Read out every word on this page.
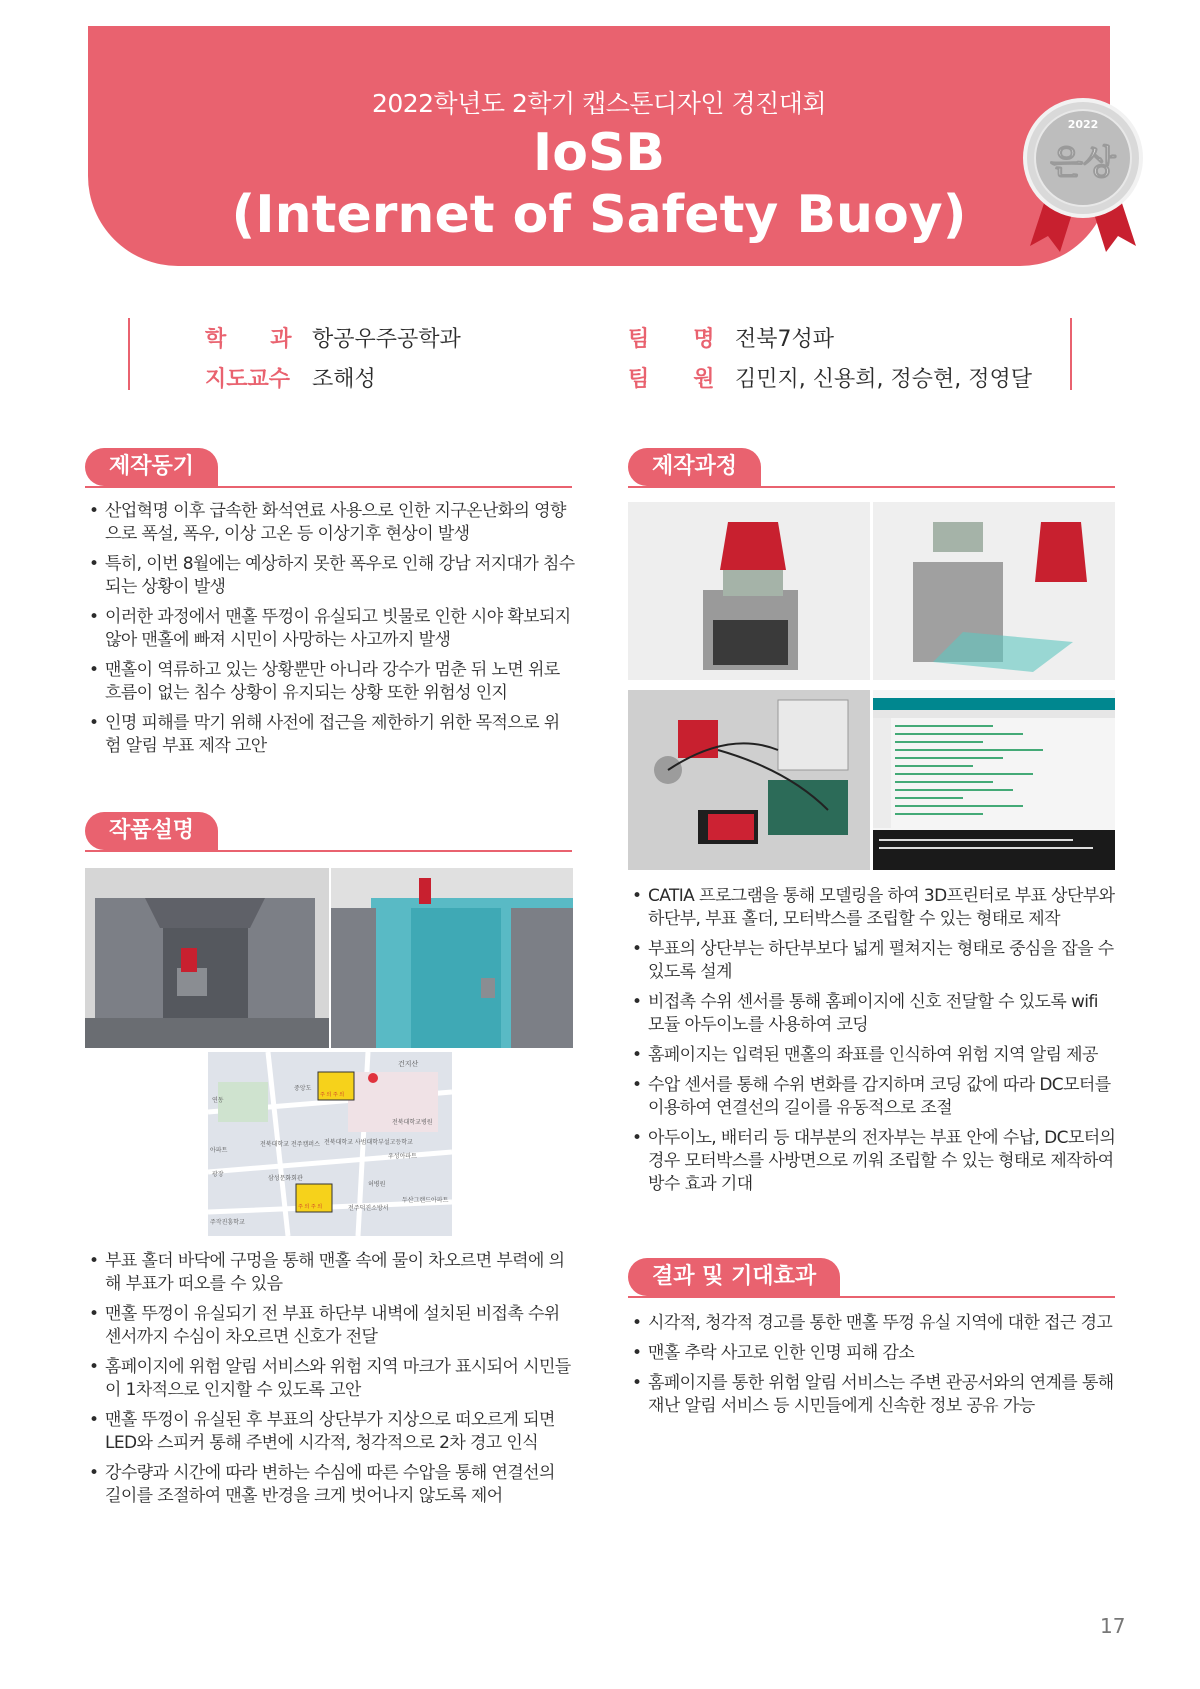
2022학년도 2학기 캡스톤디자인 경진대회
IoSB
(Internet of Safety Buoy)
2022
은상
학　　과 항공우주공학과
지도교수 조해성
팀　　명 전북7성파
팀　　원 김민지, 신용희, 정승현, 정영달
제작동기
• 산업혁명 이후 급속한 화석연료 사용으로 인한 지구온난화의 영향으로 폭설, 폭우, 이상 고온 등 이상기후 현상이 발생
• 특히, 이번 8월에는 예상하지 못한 폭우로 인해 강남 저지대가 침수되는 상황이 발생
• 이러한 과정에서 맨홀 뚜껑이 유실되고 빗물로 인한 시야 확보되지 않아 맨홀에 빠져 시민이 사망하는 사고까지 발생
• 맨홀이 역류하고 있는 상황뿐만 아니라 강수가 멈춘 뒤 노면 위로 흐름이 없는 침수 상황이 유지되는 상황 또한 위험성 인지
• 인명 피해를 막기 위해 사전에 접근을 제한하기 위한 목적으로 위험 알림 부표 제작 고안
작품설명
건지산
중앙도
전북대학교병원
전북대학교 전주캠퍼스 전북대학교 사범대학부설고등학교
우성아파트
삼성문화회관
허병원
두산그랜드아파트
전주덕진소방서
주작진흥학교
연동
아파트
광장
주 의 주 의
주 의 주 의
• 부표 홀더 바닥에 구멍을 통해 맨홀 속에 물이 차오르면 부력에 의해 부표가 떠오를 수 있음
• 맨홀 뚜껑이 유실되기 전 부표 하단부 내벽에 설치된 비접촉 수위센서까지 수심이 차오르면 신호가 전달
• 홈페이지에 위험 알림 서비스와 위험 지역 마크가 표시되어 시민들이 1차적으로 인지할 수 있도록 고안
• 맨홀 뚜껑이 유실된 후 부표의 상단부가 지상으로 떠오르게 되면 LED와 스피커 통해 주변에 시각적, 청각적으로 2차 경고 인식
• 강수량과 시간에 따라 변하는 수심에 따른 수압을 통해 연결선의 길이를 조절하여 맨홀 반경을 크게 벗어나지 않도록 제어
제작과정
• CATIA 프로그램을 통해 모델링을 하여 3D프린터로 부표 상단부와 하단부, 부표 홀더, 모터박스를 조립할 수 있는 형태로 제작
• 부표의 상단부는 하단부보다 넓게 펼쳐지는 형태로 중심을 잡을 수 있도록 설계
• 비접촉 수위 센서를 통해 홈페이지에 신호 전달할 수 있도록 wifi 모듈 아두이노를 사용하여 코딩
• 홈페이지는 입력된 맨홀의 좌표를 인식하여 위험 지역 알림 제공
• 수압 센서를 통해 수위 변화를 감지하며 코딩 값에 따라 DC모터를 이용하여 연결선의 길이를 유동적으로 조절
• 아두이노, 배터리 등 대부분의 전자부는 부표 안에 수납, DC모터의 경우 모터박스를 사방면으로 끼워 조립할 수 있는 형태로 제작하여 방수 효과 기대
결과 및 기대효과
• 시각적, 청각적 경고를 통한 맨홀 뚜껑 유실 지역에 대한 접근 경고
• 맨홀 추락 사고로 인한 인명 피해 감소
• 홈페이지를 통한 위험 알림 서비스는 주변 관공서와의 연계를 통해 재난 알림 서비스 등 시민들에게 신속한 정보 공유 가능
17
